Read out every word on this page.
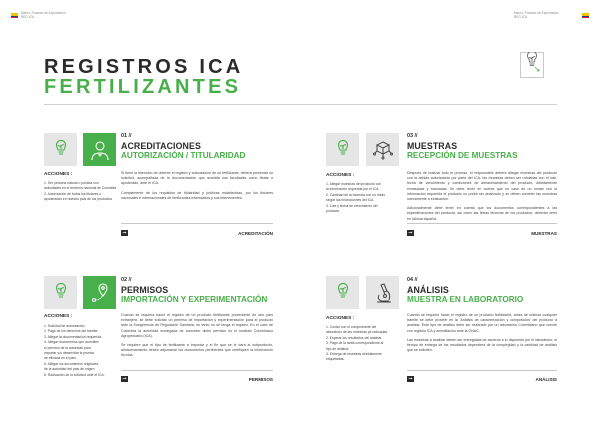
Marco, Proceso de Exportación
REG ICA
Marco, Proceso de Exportación
REG ICA
REGISTROS ICA
FERTILIZANTES
01 //
ACREDITACIONES
AUTORIZACIÓN / TITULARIDAD
ACCIONES :
1. Ser persona natural o jurídica con
actividades en el territorio nacional de Colombia
2. Autorización de todos los titulares o
apoderados en nuestro país de los productos

Si tiene la intención de obtener el registro y autorización de un fertilizante, deberá presentar su solicitud, acompañada de la documentación que acredita sus facultades como titular o apoderado, ante el ICA.

Complemente de los requisitos de titularidad y juridicas establecidas, por los titulares nacionales e internacionales de fertilizantes interesados y sus intervinientes.

➞	ACREDITACIÓN
02 //
PERMISOS
IMPORTACIÓN Y EXPERIMENTACIÓN
ACCIONES :
1. Solicitud de autorización.
2. Pago de los derechos del trámite.
3. Allegar la documentación requerida.
4. Allegar documentos que acrediten
el permiso de la autoridad para
importar y/o desarrollar la prueba
de eficacia en el país.
5. Allegar los documentos originales
de la autoridad del país de origen.
6. Radicación de la solicitud ante el ICA.

Cuando se requiera hacer el registro de un producto fertilizante proveniente de otro país extranjero, se debe solicitar un permiso de importación y experimentación para el producto ante la Subgerencia de Regulación Sanitaria, en tanto no se tenga el registro. En el caso de Colombia la autoridad encargada de conceder dicho permiso es el Instituto Colombiano Agropecuario (ICA).

Se requiere que el tipo de fertilizante a importar y el fin que se le dará al subproducto, almacenamiento deben adjuntarse los documentos pertinentes que certifiquen la información técnica.

➞	PERMISOS
03 //
MUESTRAS
RECEPCIÓN DE MUESTRAS
ACCIONES :
1. Allegar muestras del producto con
la información requerida por el ICA.
2. Cantidad de la muestra con su rótulo
según las instrucciones del ICA.
3. Lote y fecha de vencimiento del
producto.

Después de realizar todo el proceso, el responsable deberá allegar muestras del producto con la debida autorización por parte del ICA, las muestras deben ser rotuladas con el lote, fecha de vencimiento y condiciones de almacenamiento del producto, debidamente envasadas y marcadas. Se debe tener en cuenta que en caso de no contar con la información requerida el producto no podrá ser analizado y se deben someter las muestras nuevamente a evaluación.

Adicionalmente debe tener en cuenta que los documentos correspondientes a las especificaciones del producto, así como las fichas técnicas de los productos, deberán venir en idioma español.

➞	MUESTRAS
04 //
ANÁLISIS
MUESTRA EN LABORATORIO
ACCIONES :
1. Contar con el comprobante del
laboratorio de las muestras ya radicadas.
2. Esperar los resultados del análisis.
3. Pago de la tarifa correspondiente al
tipo de análisis.
4. Entrega de muestras debidamente
etiquetadas.

Cuando se requiere hacer el registro de un producto fertilizante, antes de realizar cualquier trámite se debe proveer en la 'Análisis de caracterización y composición' del producto a analizar. Este tipo de análisis debe ser realizado por un laboratorio Colombiano que cuente con registro ICA y acreditación ante la ONAC.

Las muestras a analizar deben ser entregadas de acuerdo a lo dispuesto por el laboratorio; el tiempo de entrega de los resultados dependerá de la complejidad y la cantidad de análisis que se soliciten.

➞	ANÁLISIS
